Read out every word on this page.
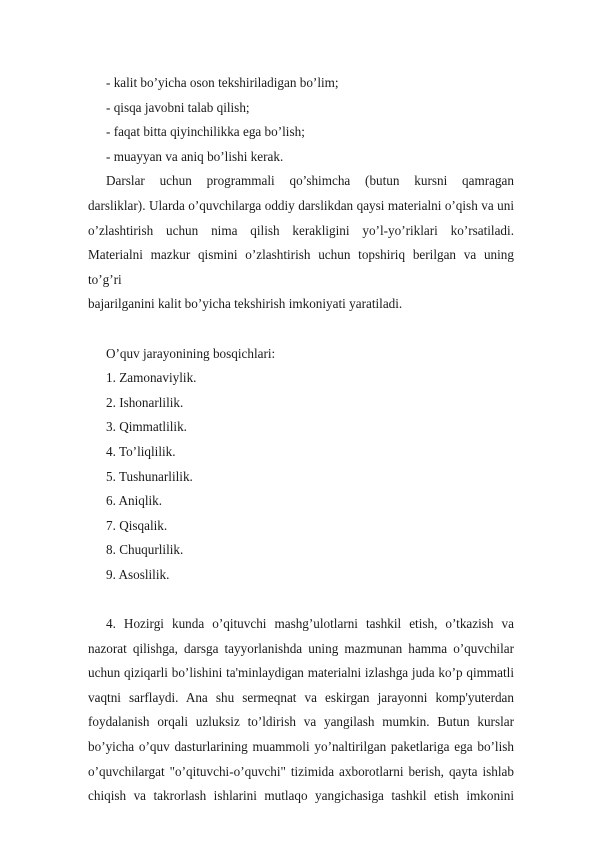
- kalit bo’yicha oson tekshiriladigan bo’lim;

- qisqa javobni talab qilish;

- faqat bitta qiyinchilikka ega bo’lish;

- muayyan va aniq bo’lishi kerak.

Darslar uchun programmali qo’shimcha (butun kursni qamragan

darsliklar). Ularda o’quvchilarga oddiy darslikdan qaysi materialni o’qish va uni

o’zlashtirish uchun nima qilish kerakligini yo’l-yo’riklari ko’rsatiladi.

Materialni mazkur qismini o’zlashtirish uchun topshiriq berilgan va uning to’g’ri

bajarilganini kalit bo’yicha tekshirish imkoniyati yaratiladi.

O’quv jarayonining bosqichlari:

1. Zamonaviylik.

2. Ishonarlilik.

3. Qimmatlilik.

4. To’liqlilik.

5. Tushunarlilik.

6. Aniqlik.

7. Qisqalik.

8. Chuqurlilik.

9. Asoslilik.

4. Hozirgi kunda o’qituvchi mashg’ulotlarni tashkil etish, o’tkazish va

nazorat qilishga, darsga tayyorlanishda uning mazmunan hamma o’quvchilar

uchun qiziqarli bo’lishini ta'minlaydigan materialni izlashga juda ko’p qimmatli

vaqtni sarflaydi. Ana shu sermeqnat va eskirgan jarayonni komp'yuterdan

foydalanish orqali uzluksiz to’ldirish va yangilash mumkin. Butun kurslar

bo’yicha o’quv dasturlarining muammoli yo’naltirilgan paketlariga ega bo’lish

o’quvchilargat "o’qituvchi-o’quvchi" tizimida axborotlarni berish, qayta ishlab

chiqish va takrorlash ishlarini mutlaqo yangichasiga tashkil etish imkonini
